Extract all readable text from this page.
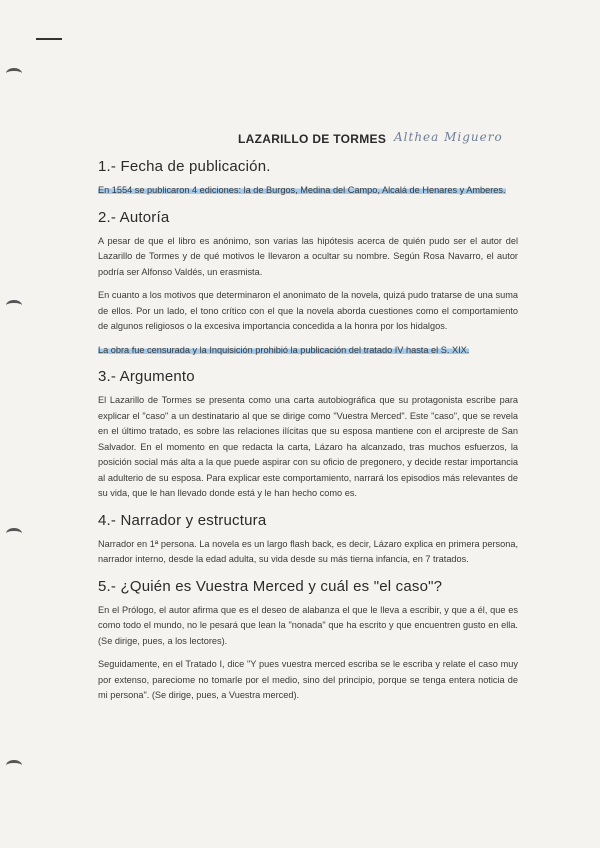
LAZARILLO DE TORMES Althea Miguero
1.- Fecha de publicación.

En 1554 se publicaron 4 ediciones: la de Burgos, Medina del Campo, Alcalá de Henares y Amberes.

2.- Autoría

A pesar de que el libro es anónimo, son varias las hipótesis acerca de quién pudo ser el autor del Lazarillo de Tormes y de qué motivos le llevaron a ocultar su nombre. Según Rosa Navarro, el autor podría ser Alfonso Valdés, un erasmista.

En cuanto a los motivos que determinaron el anonimato de la novela, quizá pudo tratarse de una suma de ellos. Por un lado, el tono crítico con el que la novela aborda cuestiones como el comportamiento de algunos religiosos o la excesiva importancia concedida a la honra por los hidalgos.

La obra fue censurada y la Inquisición prohibió la publicación del tratado IV hasta el S. XIX.

3.- Argumento

El Lazarillo de Tormes se presenta como una carta autobiográfica que su protagonista escribe para explicar el "caso" a un destinatario al que se dirige como "Vuestra Merced". Este "caso", que se revela en el último tratado, es sobre las relaciones ilícitas que su esposa mantiene con el arcipreste de San Salvador. En el momento en que redacta la carta, Lázaro ha alcanzado, tras muchos esfuerzos, la posición social más alta a la que puede aspirar con su oficio de pregonero, y decide restar importancia al adulterio de su esposa. Para explicar este comportamiento, narrará los episodios más relevantes de su vida, que le han llevado donde está y le han hecho como es.

4.- Narrador y estructura

Narrador en 1ª persona. La novela es un largo flash back, es decir, Lázaro explica en primera persona, narrador interno, desde la edad adulta, su vida desde su más tierna infancia, en 7 tratados.

5.- ¿Quién es Vuestra Merced y cuál es "el caso"?

En el Prólogo, el autor afirma que es el deseo de alabanza el que le lleva a escribir, y que a él, que es como todo el mundo, no le pesará que lean la "nonada" que ha escrito y que encuentren gusto en ella. (Se dirige, pues, a los lectores).

Seguidamente, en el Tratado I, dice "Y pues vuestra merced escriba se le escriba y relate el caso muy por extenso, pareciome no tomarle por el medio, sino del principio, porque se tenga entera noticia de mi persona". (Se dirige, pues, a Vuestra merced).
